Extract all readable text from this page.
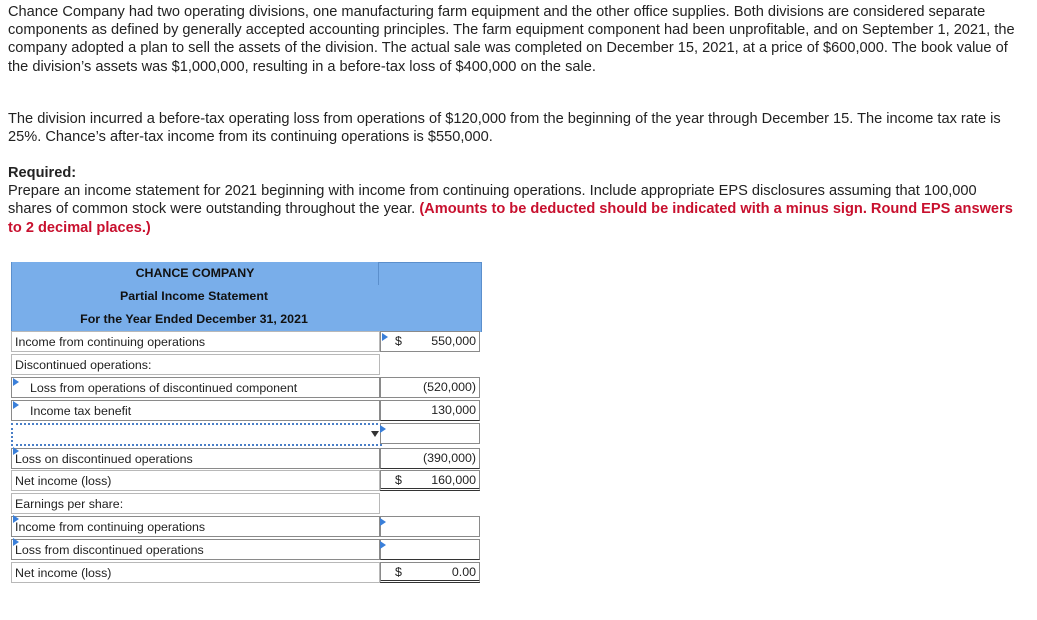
Chance Company had two operating divisions, one manufacturing farm equipment and the other office supplies. Both divisions are considered separate components as defined by generally accepted accounting principles. The farm equipment component had been unprofitable, and on September 1, 2021, the company adopted a plan to sell the assets of the division. The actual sale was completed on December 15, 2021, at a price of $600,000. The book value of the division’s assets was $1,000,000, resulting in a before-tax loss of $400,000 on the sale.

The division incurred a before-tax operating loss from operations of $120,000 from the beginning of the year through December 15. The income tax rate is 25%. Chance’s after-tax income from its continuing operations is $550,000.

Required:
Prepare an income statement for 2021 beginning with income from continuing operations. Include appropriate EPS disclosures assuming that 100,000 shares of common stock were outstanding throughout the year. (Amounts to be deducted should be indicated with a minus sign. Round EPS answers to 2 decimal places.)
CHANCE COMPANY
Partial Income Statement
For the Year Ended December 31, 2021
Income from continuing operations	$ 550,000
Discontinued operations:
Loss from operations of discontinued component	(520,000)
Income tax benefit	130,000
Loss on discontinued operations	(390,000)
Net income (loss)	$ 160,000
Earnings per share:
Income from continuing operations
Loss from discontinued operations
Net income (loss)	$	0.00
